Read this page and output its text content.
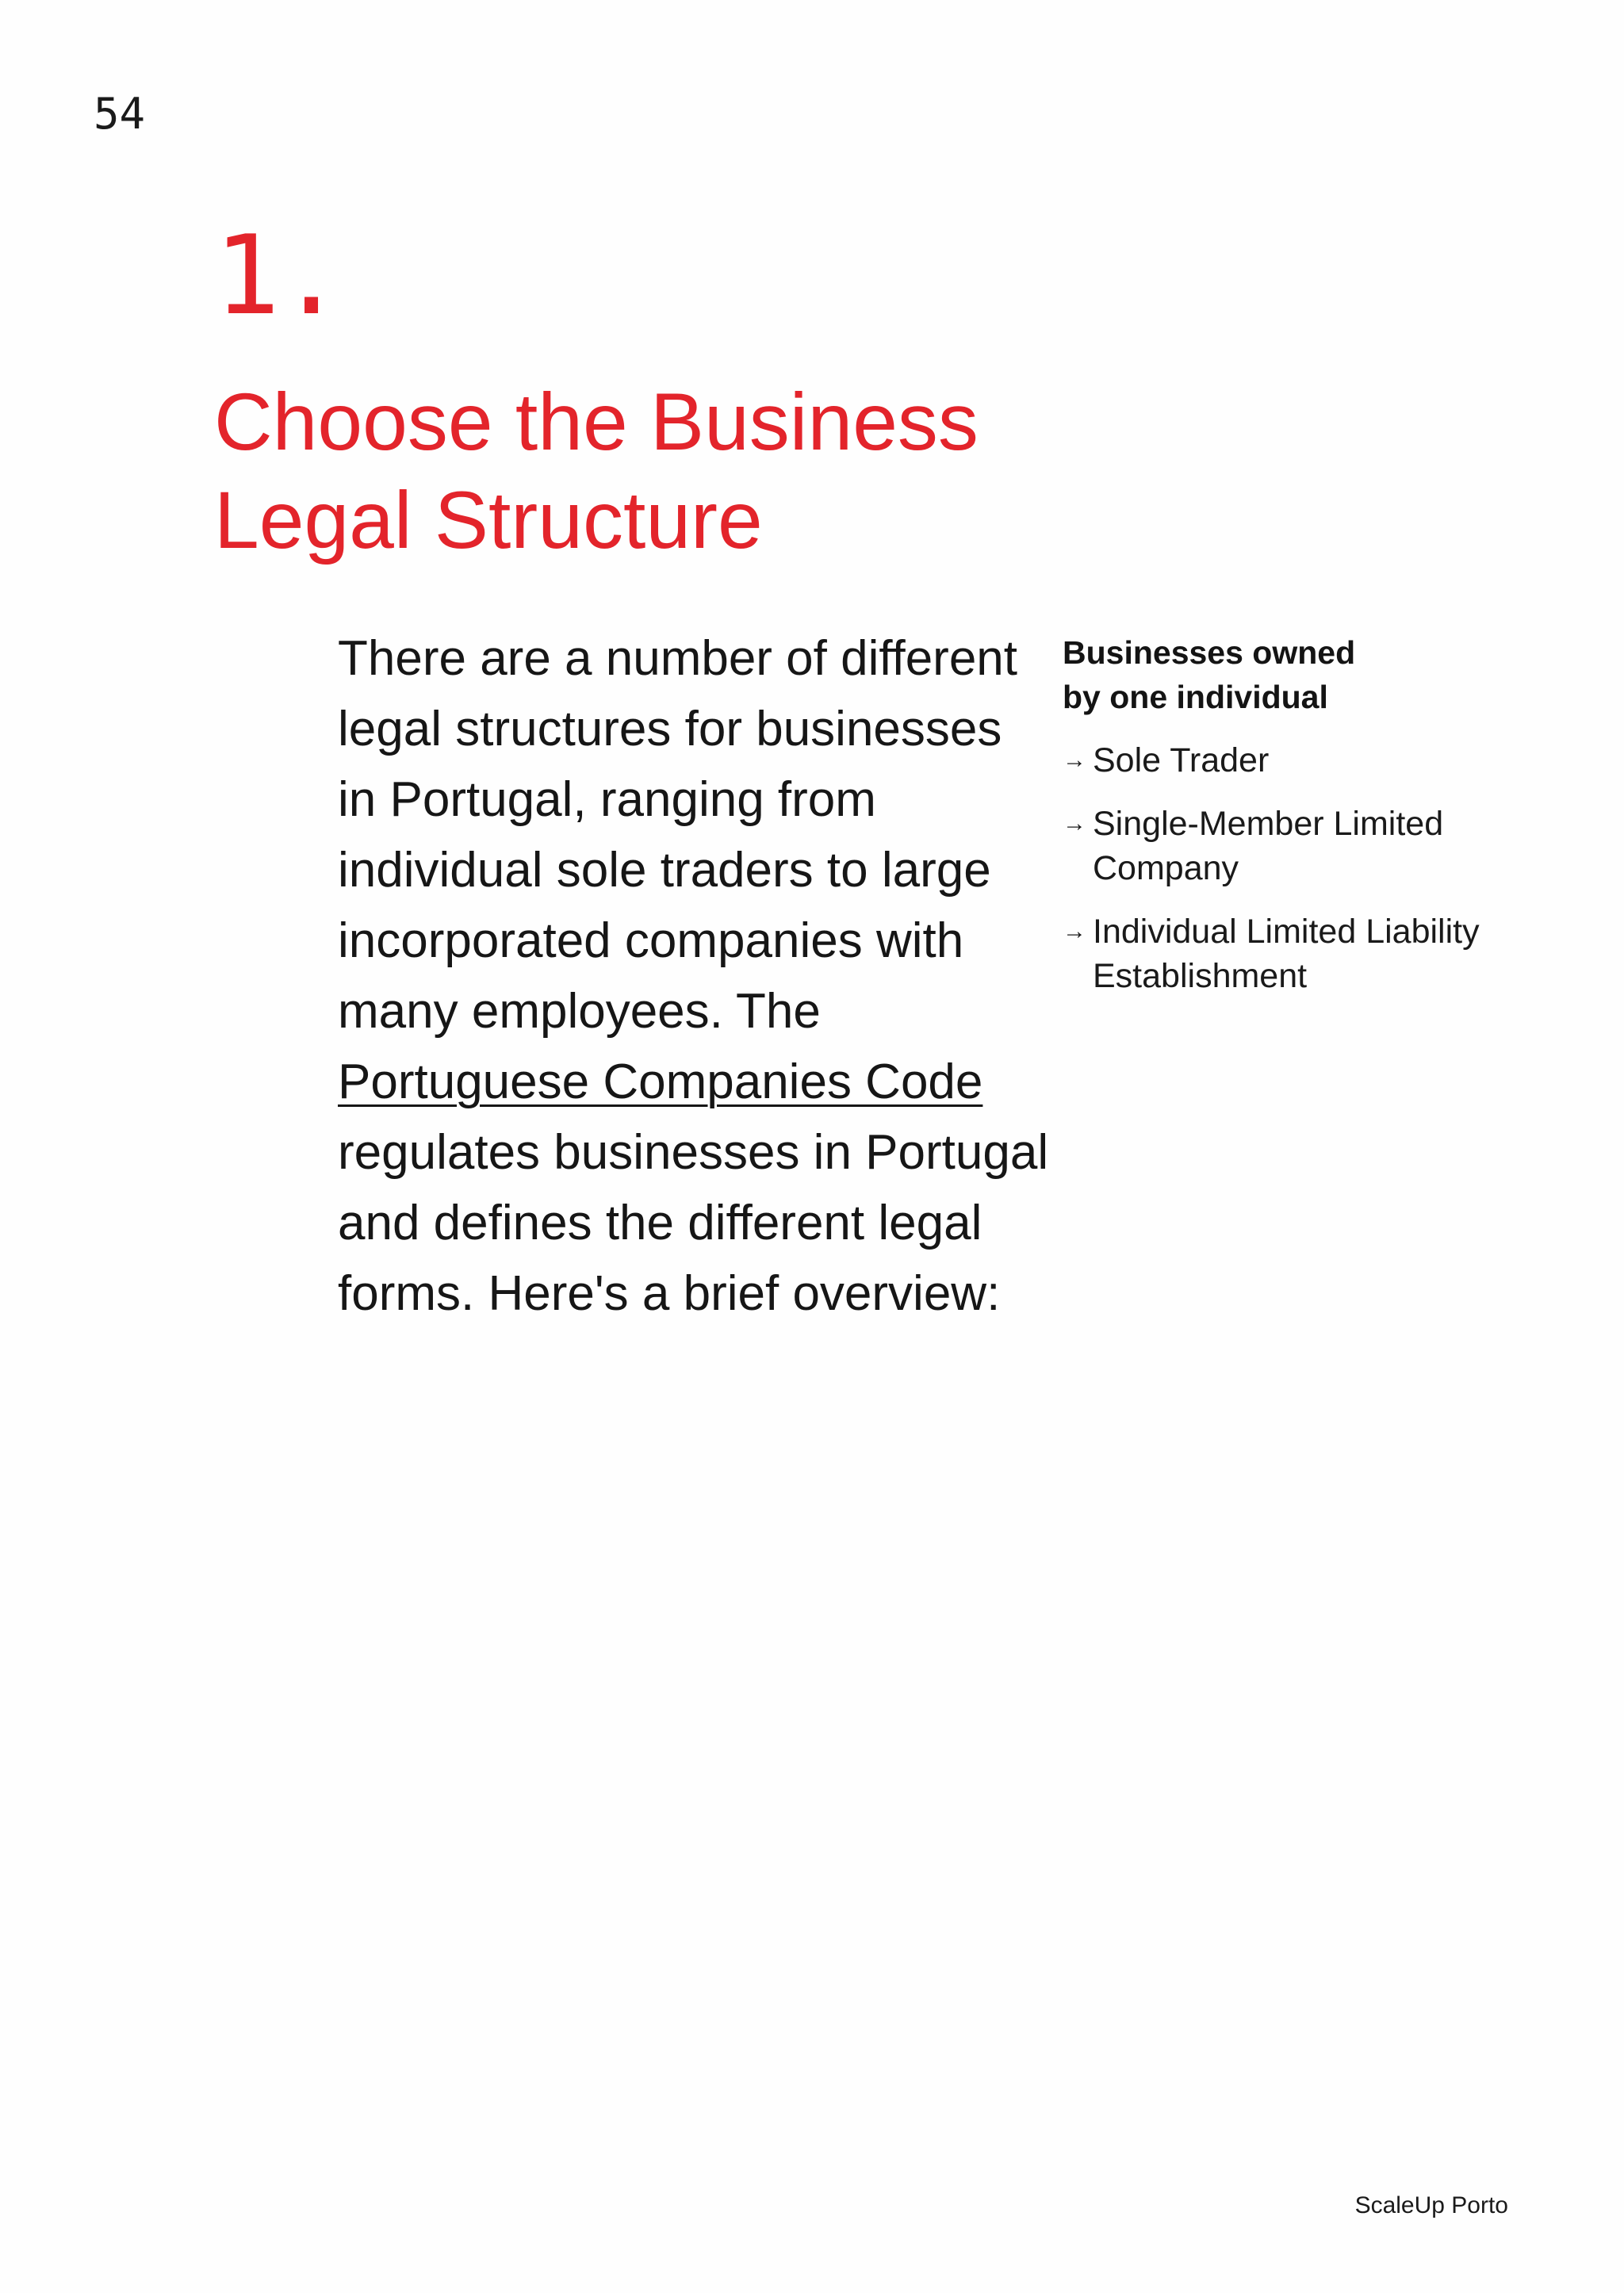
54
1.
Choose the Business
Legal Structure

There are a number of different legal structures for businesses in Portugal, ranging from individual sole traders to large incorporated companies with many employees. The Portuguese Companies Code regulates businesses in Portugal and defines the different legal forms. Here's a brief overview:

Businesses owned
by one individual
→ Sole Trader
→ Single-Member Limited Company
→ Individual Limited Liability Establishment
ScaleUp Porto
